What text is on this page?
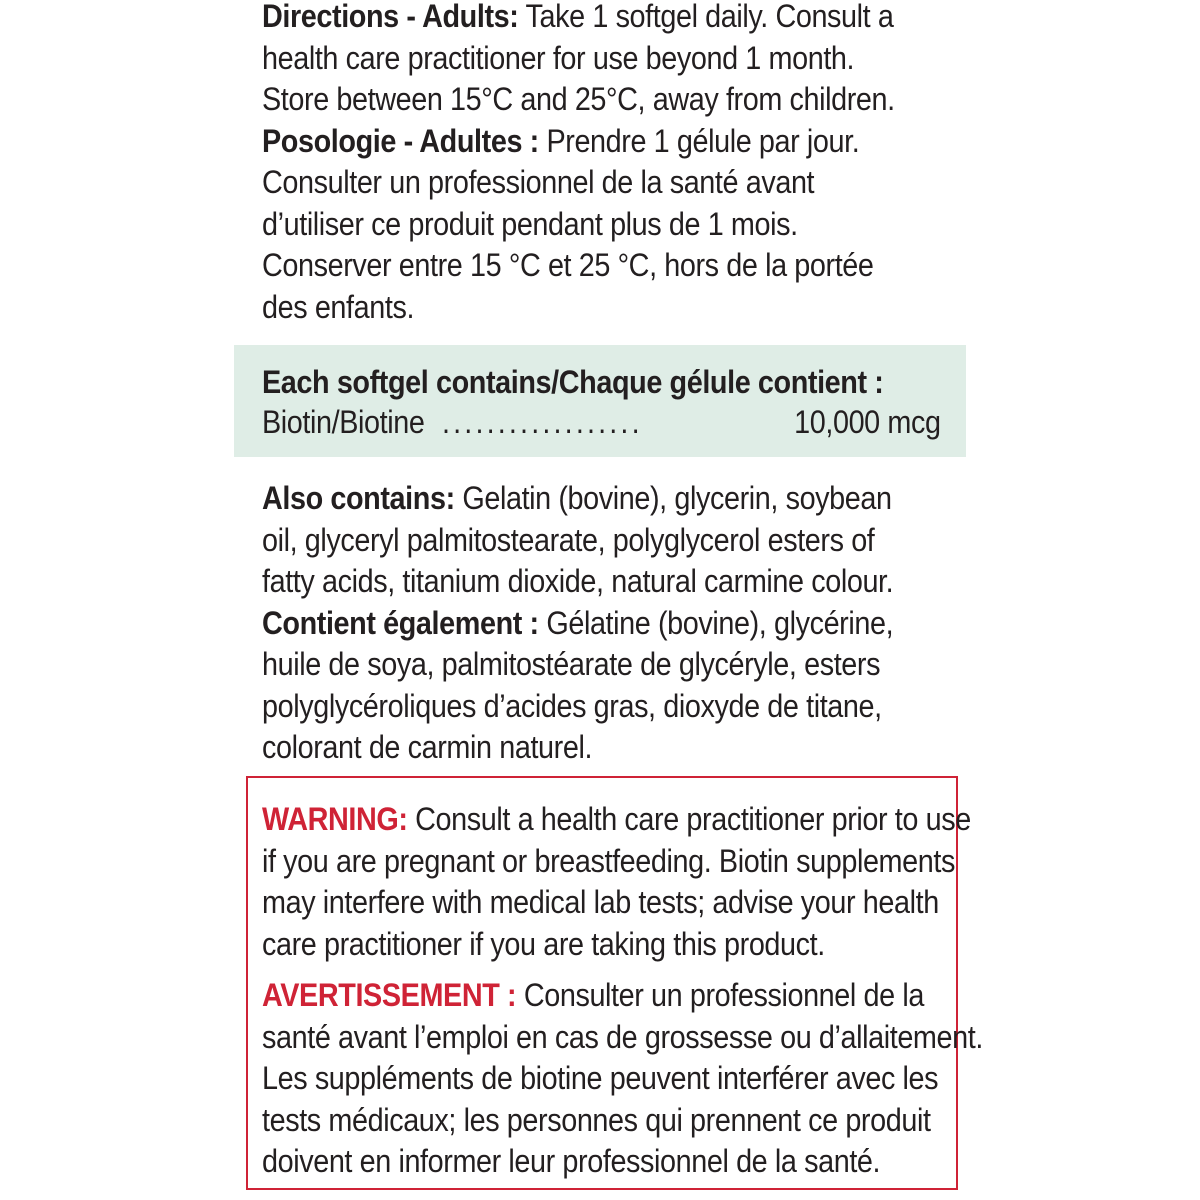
Directions - Adults: Take 1 softgel daily. Consult a
health care practitioner for use beyond 1 month.
Store between 15°C and 25°C, away from children.
Posologie - Adultes : Prendre 1 gélule par jour.
Consulter un professionnel de la santé avant
d’utiliser ce produit pendant plus de 1 mois.
Conserver entre 15 °C et 25 °C, hors de la portée
des enfants.
Each softgel contains/Chaque gélule contient :
Biotin/Biotine ..................	10,000 mcg
Also contains: Gelatin (bovine), glycerin, soybean
oil, glyceryl palmitostearate, polyglycerol esters of
fatty acids, titanium dioxide, natural carmine colour.
Contient également : Gélatine (bovine), glycérine,
huile de soya, palmitostéarate de glycéryle, esters
polyglycéroliques d’acides gras, dioxyde de titane,
colorant de carmin naturel.
WARNING: Consult a health care practitioner prior to use
if you are pregnant or breastfeeding. Biotin supplements
may interfere with medical lab tests; advise your health
care practitioner if you are taking this product.
AVERTISSEMENT : Consulter un professionnel de la
santé avant l’emploi en cas de grossesse ou d’allaitement.
Les suppléments de biotine peuvent interférer avec les
tests médicaux; les personnes qui prennent ce produit
doivent en informer leur professionnel de la santé.
